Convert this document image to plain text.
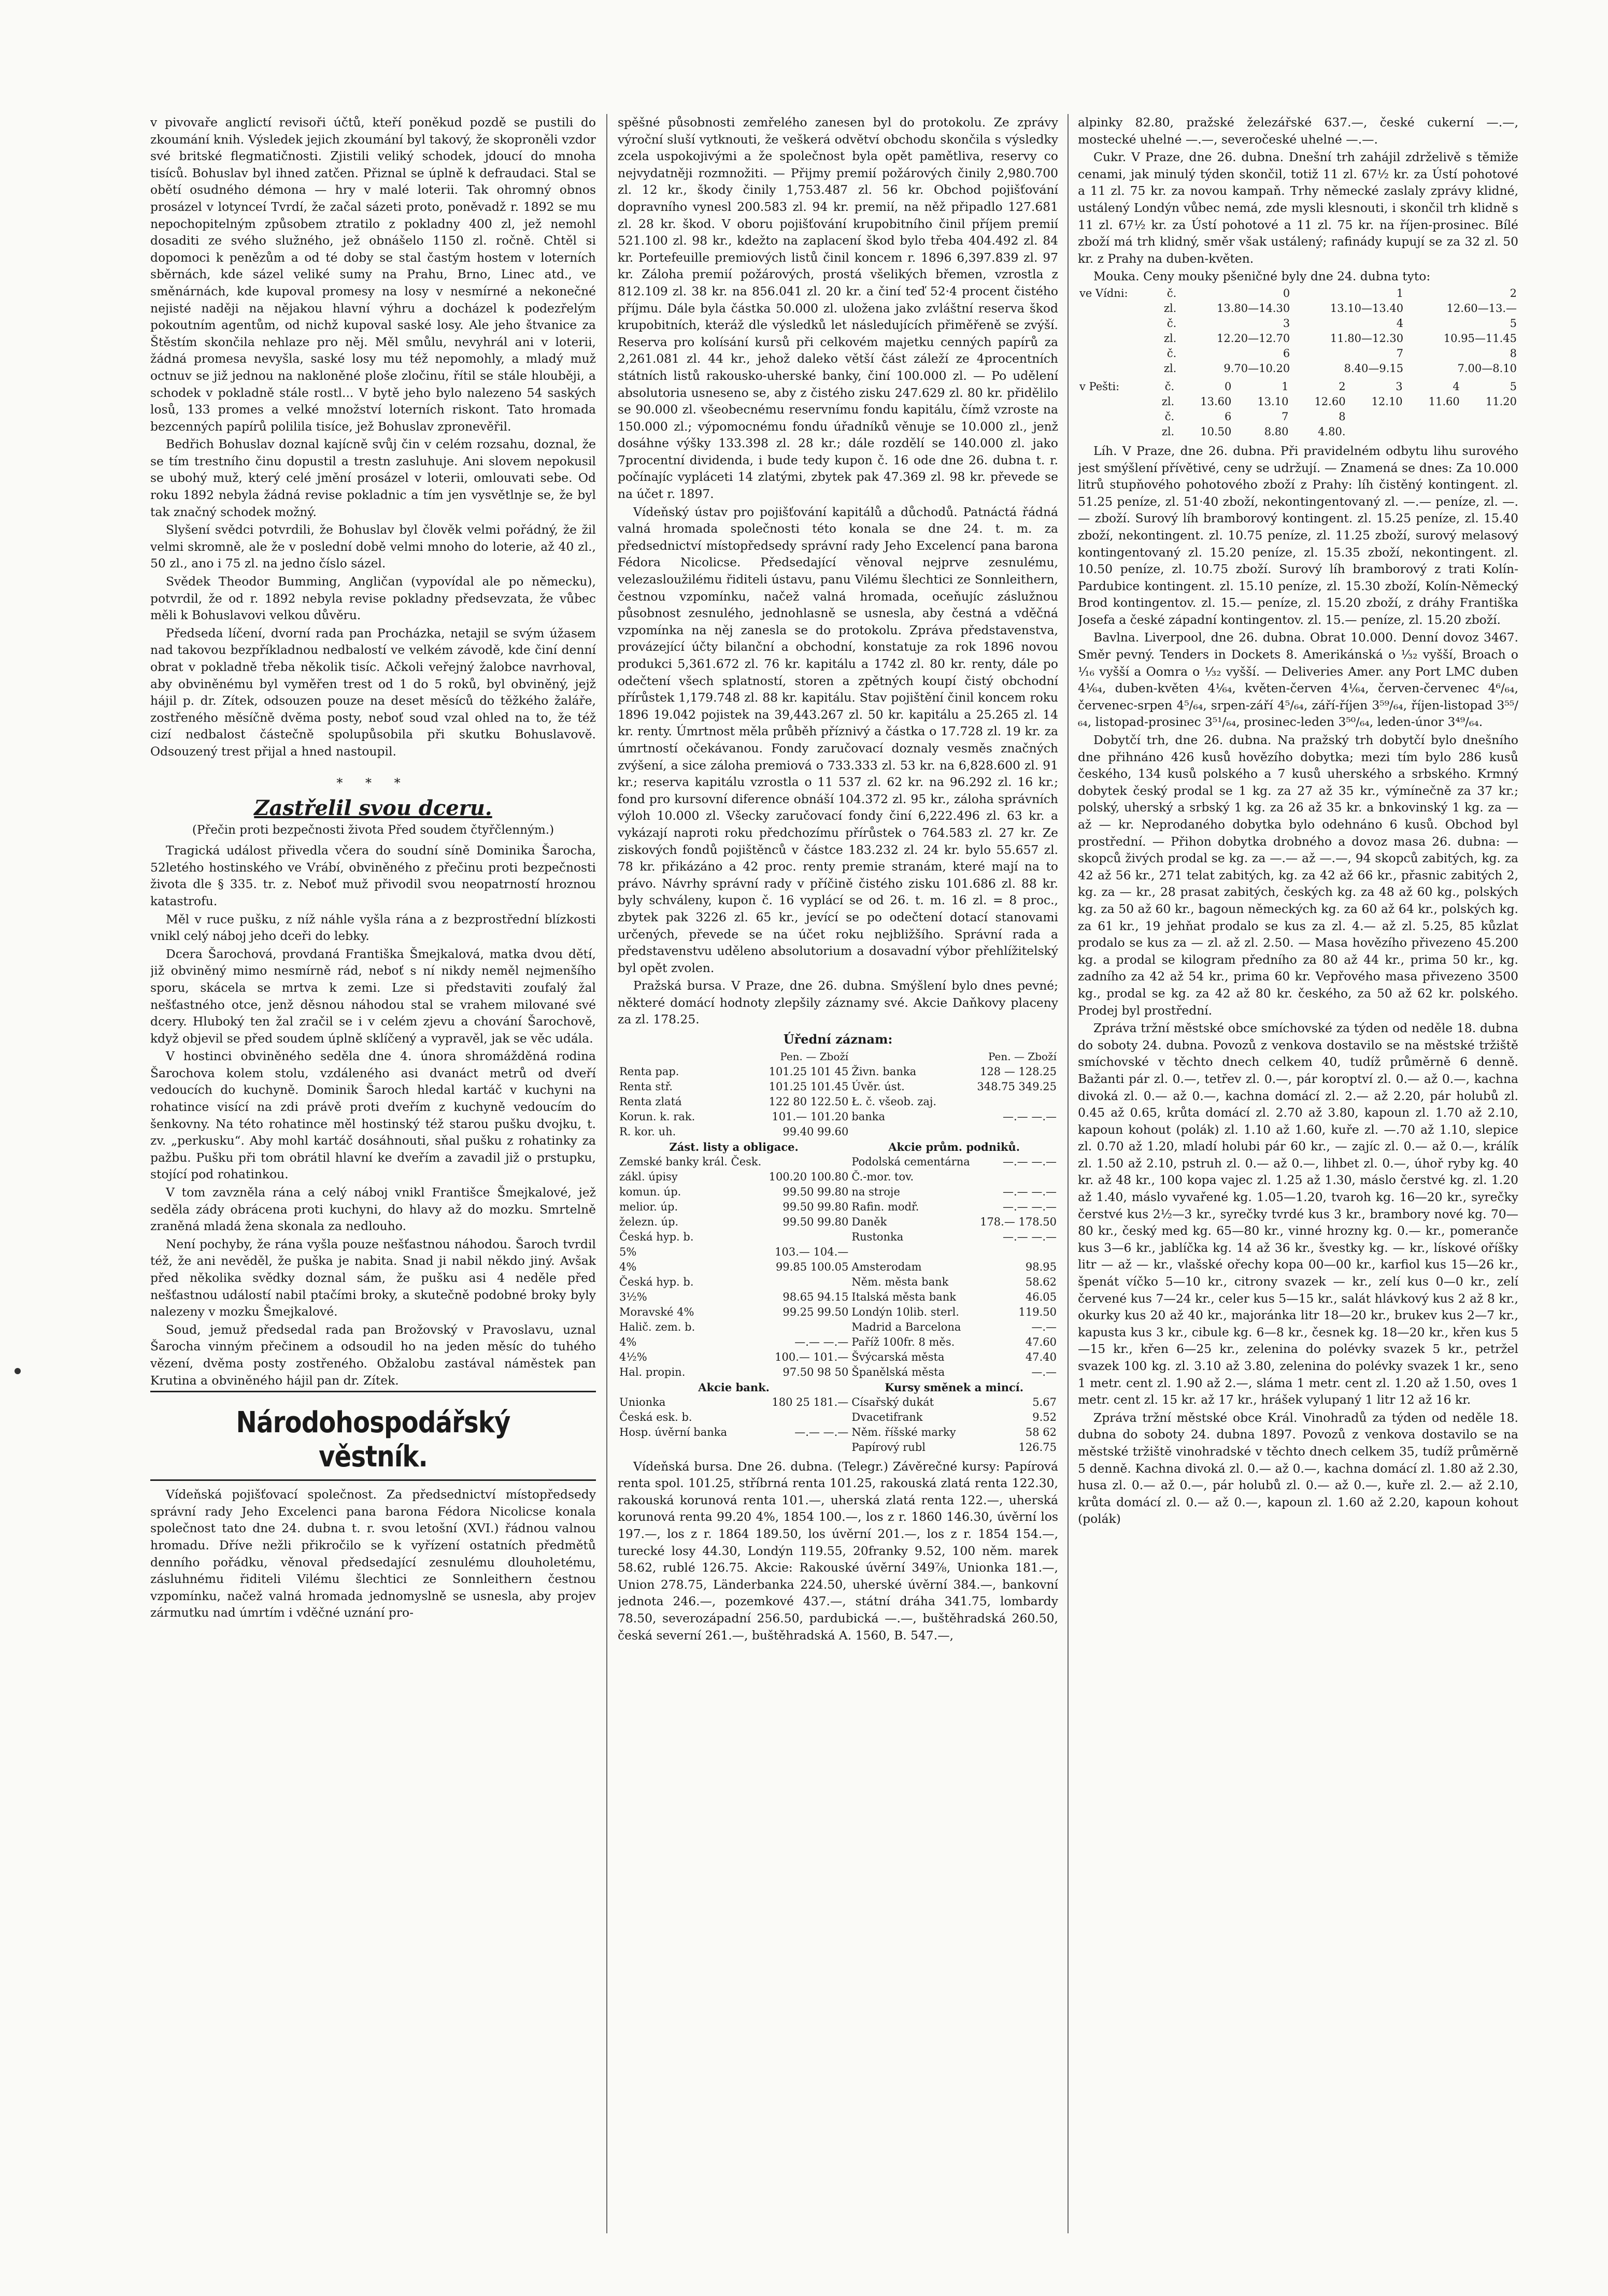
v pivovaře anglictí revisoři účtů, kteří poněkud pozdě se pustili do zkoumání knih. Výsledek jejich zkoumání byl takový, že skoproněli vzdor své britské flegmatičnosti. Zjistili veliký schodek, jdoucí do mnoha tisíců. Bohuslav byl ihned zatčen. Přiznal se úplně k defraudaci. Stal se obětí osudného démona — hry v malé loterii. Tak ohromný obnos prosázel v lotynceí Tvrdí, že začal sázeti proto, poněvadž r. 1892 se mu nepochopitelným způsobem ztratilo z pokladny 400 zl, jež nemohl dosaditi ze svého služného, jež obnášelo 1150 zl. ročně. Chtěl si dopomoci k penězům a od té doby se stal častým hostem v loterních sběrnách, kde sázel veliké sumy na Prahu, Brno, Linec atd., ve směnárnách, kde kupoval promesy na losy v nesmírné a nekonečné nejisté naději na nějakou hlavní výhru a docházel k podezřelým pokoutním agentům, od nichž kupoval saské losy. Ale jeho štvanice za Štěstím skončila nehlaze pro něj. Měl smůlu, nevyhrál ani v loterii, žádná promesa nevyšla, saské losy mu též nepomohly, a mladý muž octnuv se již jednou na nakloněné ploše zločinu, řítil se stále hlouběji, a schodek v pokladně stále rostl... V bytě jeho bylo nalezeno 54 saských losů, 133 promes a velké množství loterních riskont. Tato hromada bezcenných papírů polilila tisíce, jež Bohuslav zpronevěřil.

Bedřich Bohuslav doznal kajícně svůj čin v celém rozsahu, doznal, že se tím trestního činu dopustil a trestn zasluhuje. Ani slovem nepokusil se ubohý muž, který celé jmění prosázel v loterii, omlouvati sebe. Od roku 1892 nebyla žádná revise pokladnic a tím jen vysvětlnje se, že byl tak značný schodek možný.

Slyšení svědci potvrdili, že Bohuslav byl člověk velmi pořádný, že žil velmi skromně, ale že v poslední době velmi mnoho do loterie, až 40 zl., 50 zl., ano i 75 zl. na jedno číslo sázel.

Svědek Theodor Bumming, Angličan (vypovídal ale po německu), potvrdil, že od r. 1892 nebyla revise pokladny předsevzata, že vůbec měli k Bohuslavovi velkou důvěru.

Předseda líčení, dvorní rada pan Procházka, netajil se svým úžasem nad takovou bezpříkladnou nedbalostí ve velkém závodě, kde činí denní obrat v pokladně třeba několik tisíc. Ačkoli veřejný žalobce navrhoval, aby obviněnému byl vyměřen trest od 1 do 5 roků, byl obviněný, jejž hájil p. dr. Zítek, odsouzen pouze na deset měsíců do těžkého žaláře, zostřeného měsíčně dvěma posty, neboť soud vzal ohled na to, že též cizí nedbalost částečně spolupůsobila při skutku Bohuslavově. Odsouzený trest přijal a hned nastoupil.

* * *
Zastřelil svou dceru.
(Přečin proti bezpečnosti života Před soudem čtyřčlenným.)

Tragická událost přivedla včera do soudní síně Dominika Šarocha, 52letého hostinského ve Vrábí, obviněného z přečinu proti bezpečnosti života dle § 335. tr. z. Neboť muž přivodil svou neopatrností hroznou katastrofu.

Měl v ruce pušku, z níž náhle vyšla rána a z bezprostřední blízkosti vnikl celý náboj jeho dceři do lebky.

Dcera Šarochová, provdaná Františka Šmejkalová, matka dvou dětí, již obviněný mimo nesmírně rád, neboť s ní nikdy neměl nejmenšího sporu, skácela se mrtva k zemi. Lze si představiti zoufalý žal nešťastného otce, jenž děsnou náhodou stal se vrahem milované své dcery. Hluboký ten žal zračil se i v celém zjevu a chování Šarochově, když objevil se před soudem úplně sklíčený a vypravěl, jak se věc udála.

V hostinci obviněného seděla dne 4. února shromážděná rodina Šarochova kolem stolu, vzdáleného asi dvanáct metrů od dveří vedoucích do kuchyně. Dominik Šaroch hledal kartáč v kuchyni na rohatince visící na zdi právě proti dveřím z kuchyně vedoucím do šenkovny. Na této rohatince měl hostinský též starou pušku dvojku, t. zv. „perkusku“. Aby mohl kartáč dosáhnouti, sňal pušku z rohatinky za pažbu. Pušku při tom obrátil hlavní ke dveřím a zavadil již o prstupku, stojící pod rohatinkou.

V tom zavzněla rána a celý náboj vnikl Františce Šmejkalové, jež seděla zády obrácena proti kuchyni, do hlavy až do mozku. Smrtelně zraněná mladá žena skonala za nedlouho.

Není pochyby, že rána vyšla pouze nešťastnou náhodou. Šaroch tvrdil též, že ani nevěděl, že puška je nabita. Snad ji nabil někdo jiný. Avšak před několika svědky doznal sám, že pušku asi 4 neděle před nešťastnou událostí nabil ptačími broky, a skutečně podobné broky byly nalezeny v mozku Šmejkalové.

Soud, jemuž předsedal rada pan Brožovský v Pravoslavu, uznal Šarocha vinným přečinem a odsoudil ho na jeden měsíc do tuhého vězení, dvěma posty zostřeného. Obžalobu zastával náměstek pan Krutina a obviněného hájil pan dr. Zítek.

Národohospodářský věstník.

Vídeňská pojišťovací společnost. Za předsednictví místopředsedy správní rady Jeho Excelenci pana barona Fédora Nicolicse konala společnost tato dne 24. dubna t. r. svou letošní (XVI.) řádnou valnou hromadu. Dříve nežli přikročilo se k vyřízení ostatních předmětů denního pořádku, věnoval předsedající zesnulému dlouholetému, zásluhnému řiditeli Vilému šlechtici ze Sonnleithern čestnou vzpomínku, načež valná hromada jednomyslně se usnesla, aby projev zármutku nad úmrtím i vděčné uznání pro-

spěšné působnosti zemřelého zanesen byl do protokolu. Ze zprávy výroční sluší vytknouti, že veškerá odvětví obchodu skončila s výsledky zcela uspokojivými a že společnost byla opět pamětliva, reservy co nejvydatněji rozmnožiti. — Přijmy premií požárových činily 2,980.700 zl. 12 kr., škody činily 1,753.487 zl. 56 kr. Obchod pojišťování dopravního vynesl 200.583 zl. 94 kr. premií, na něž připadlo 127.681 zl. 28 kr. škod. V oboru pojišťování krupobitního činil příjem premií 521.100 zl. 98 kr., kdežto na zaplacení škod bylo třeba 404.492 zl. 84 kr. Portefeuille premiových listů činil koncem r. 1896 6,397.839 zl. 97 kr. Záloha premií požárových, prostá všelikých břemen, vzrostla z 812.109 zl. 38 kr. na 856.041 zl. 20 kr. a činí teď 52·4 procent čistého příjmu. Dále byla částka 50.000 zl. uložena jako zvláštní reserva škod krupobitních, kteráž dle výsledků let následujících přiměřeně se zvýší. Reserva pro kolísání kursů při celkovém majetku cenných papírů za 2,261.081 zl. 44 kr., jehož daleko větší část záleží ze 4procentních státních listů rakousko-uherské banky, činí 100.000 zl. — Po udělení absolutoria usneseno se, aby z čistého zisku 247.629 zl. 80 kr. přidělilo se 90.000 zl. všeobecnému reservnímu fondu kapitálu, čímž vzroste na 150.000 zl.; výpomocnému fondu úřadníků věnuje se 10.000 zl., jenž dosáhne výšky 133.398 zl. 28 kr.; dále rozdělí se 140.000 zl. jako 7procentní dividenda, i bude tedy kupon č. 16 ode dne 26. dubna t. r. počínajíc vypláceti 14 zlatými, zbytek pak 47.369 zl. 98 kr. převede se na účet r. 1897.

Vídeňský ústav pro pojišťování kapitálů a důchodů. Patnáctá řádná valná hromada společnosti této konala se dne 24. t. m. za předsednictví místopředsedy správní rady Jeho Excelencí pana barona Fédora Nicolicse. Předsedající věnoval nejprve zesnulému, velezasloužilému řiditeli ústavu, panu Vilému šlechtici ze Sonnleithern, čestnou vzpomínku, načež valná hromada, oceňujíc záslužnou působnost zesnulého, jednohlasně se usnesla, aby čestná a vděčná vzpomínka na něj zanesla se do protokolu. Zpráva představenstva, provázející účty bilanční a obchodní, konstatuje za rok 1896 novou produkci 5,361.672 zl. 76 kr. kapitálu a 1742 zl. 80 kr. renty, dále po odečtení všech splatností, storen a zpětných koupí čistý obchodní přírůstek 1,179.748 zl. 88 kr. kapitálu. Stav pojištění činil koncem roku 1896 19.042 pojistek na 39,443.267 zl. 50 kr. kapitálu a 25.265 zl. 14 kr. renty. Úmrtnost měla průběh příznivý a částka o 17.728 zl. 19 kr. za úmrtností očekávanou. Fondy zaručovací doznaly vesměs značných zvýšení, a sice záloha premiová o 733.333 zl. 53 kr. na 6,828.600 zl. 91 kr.; reserva kapitálu vzrostla o 11 537 zl. 62 kr. na 96.292 zl. 16 kr.; fond pro kursovní diference obnáší 104.372 zl. 95 kr., záloha správních výloh 10.000 zl. Všecky zaručovací fondy činí 6,222.496 zl. 63 kr. a vykázají naproti roku předchozímu přírůstek o 764.583 zl. 27 kr. Ze ziskových fondů pojištěnců v částce 183.232 zl. 24 kr. bylo 55.657 zl. 78 kr. přikázáno a 42 proc. renty premie stranám, které mají na to právo. Návrhy správní rady v příčině čistého zisku 101.686 zl. 88 kr. byly schváleny, kupon č. 16 vyplácí se od 26. t. m. 16 zl. = 8 proc., zbytek pak 3226 zl. 65 kr., jevící se po odečtení dotací stanovami určených, převede se na účet roku nejbližšího. Správní rada a představenstvu uděleno absolutorium a dosavadní výbor přehlížitelský byl opět zvolen.

Pražská bursa. V Praze, dne 26. dubna. Smýšlení bylo dnes pevné; některé domácí hodnoty zlepšily záznamy své. Akcie Daňkovy placeny za zl. 178.25.

Úřední záznam:
	Pen. — Zboží		Pen. — Zboží
Renta pap.	101.25 101 45	Živn. banka	128 — 128.25
Renta stř.	101.25 101.45	Úvěr. úst.	348.75 349.25
Renta zlatá	122 80 122.50	Ł. č. všeob. zaj.	
Korun. k. rak.	101.— 101.20	banka	—.— —.—
R. kor. uh.	99.40 99.60		
Zást. listy a obligace.		Akcie prům. podniků.	
Zemské banky král. Česk.		Podolská cementárna	—.— —.—
zákl. úpisy	100.20 100.80	Č.-mor. tov.	
komun. úp.	99.50 99.80	na stroje	—.— —.—
melior. úp.	99.50 99.80	Rafin. modř.	—.— —.—
železn. úp.	99.50 99.80	Daněk	178.— 178.50
Česká hyp. b.		Rustonka	—.— —.—
5%	103.— 104.—		
4%	99.85 100.05	Amsterodam	98.95
Česká hyp. b.		Něm. města bank	58.62
3½%	98.65 94.15	Italská města bank	46.05
Moravské 4%	99.25 99.50	Londýn 10lib. sterl.	119.50
Halič. zem. b.		Madrid a Barcelona	—.—
4%	—.— —.—	Paříž 100fr. 8 měs.	47.60
4½%	100.— 101.—	Švýcarská města	47.40
Hal. propin.	97.50 98 50	Španělská města	—.—
Akcie bank.		Kursy směnek a mincí.	
Unionka	180 25 181.—	Císařský dukát	5.67
Česká esk. b.		Dvacetifrank	9.52
Hosp. úvěrní banka	—.— —.—	Něm. říšské marky	58 62
		Papírový rubl	126.75

Vídeňská bursa. Dne 26. dubna. (Telegr.) Závěrečné kursy: Papírová renta spol. 101.25, stříbrná renta 101.25, rakouská zlatá renta 122.30, rakouská korunová renta 101.—, uherská zlatá renta 122.—, uherská korunová renta 99.20 4%, 1854 100.—, los z r. 1860 146.30, úvěrní los 197.—, los z r. 1864 189.50, los úvěrní 201.—, los z r. 1854 154.—, turecké losy 44.30, Londýn 119.55, 20franky 9.52, 100 něm. marek 58.62, rublé 126.75. Akcie: Rakouské úvěrní 349⅞, Unionka 181.—, Union 278.75, Länderbanka 224.50, uherské úvěrní 384.—, bankovní jednota 246.—, pozemkové 437.—, státní dráha 341.75, lombardy 78.50, severozápadní 256.50, pardubická —.—, buštěhradská 260.50, česká severní 261.—, buštěhradská A. 1560, B. 547.—,

alpinky 82.80, pražské železářské 637.—, české cukerní —.—, mostecké uhelné —.—, severočeské uhelné —.—.

Cukr. V Praze, dne 26. dubna. Dnešní trh zahájil zdrželivě s těmiže cenami, jak minulý týden skončil, totiž 11 zl. 67½ kr. za Ústí pohotové a 11 zl. 75 kr. za novou kampaň. Trhy německé zaslaly zprávy klidné, ustálený Londýn vůbec nemá, zde mysli klesnouti, i skončil trh klidně s 11 zl. 67½ kr. za Ústí pohotové a 11 zl. 75 kr. na říjen-prosinec. Bílé zboží má trh klidný, směr však ustálený; rafinády kupují se za 32 zl. 50 kr. z Prahy na duben-květen.

Mouka. Ceny mouky pšeničné byly dne 24. dubna tyto:

ve Vídni:	č.	0	1	2
	zl.	13.80—14.30	13.10—13.40	12.60—13.—
	č.	3	4	5
	zl.	12.20—12.70	11.80—12.30	10.95—11.45
	č.	6	7	8
	zl.	9.70—10.20	8.40—9.15	7.00—8.10
v Pešti:	č.	0	1	2	3	4	5
	zl.	13.60	13.10	12.60	12.10	11.60	11.20
	č.	6	7	8			
	zl.	10.50	8.80	4.80.			

Líh. V Praze, dne 26. dubna. Při pravidelném odbytu lihu surového jest smýšlení přívětivé, ceny se udržují. — Znamená se dnes: Za 10.000 litrů stupňového pohotového zboží z Prahy: líh čistěný kontingent. zl. 51.25 peníze, zl. 51·40 zboží, nekontingentovaný zl. —.— peníze, zl. —.— zboží. Surový líh bramborový kontingent. zl. 15.25 peníze, zl. 15.40 zboží, nekontingent. zl. 10.75 peníze, zl. 11.25 zboží, surový melasový kontingentovaný zl. 15.20 peníze, zl. 15.35 zboží, nekontingent. zl. 10.50 peníze, zl. 10.75 zboží. Surový líh bramborový z trati Kolín-Pardubice kontingent. zl. 15.10 peníze, zl. 15.30 zboží, Kolín-Německý Brod kontingentov. zl. 15.— peníze, zl. 15.20 zboží, z dráhy Františka Josefa a české západní kontingentov. zl. 15.— peníze, zl. 15.20 zboží.

Bavlna. Liverpool, dne 26. dubna. Obrat 10.000. Denní dovoz 3467. Směr pevný. Tenders in Dockets 8. Amerikánská o ⅟₃₂ vyšší, Broach o ⅟₁₆ vyšší a Oomra o ⅟₃₂ vyšší. — Deliveries Amer. any Port LMC duben 4⅟₆₄, duben-květen 4⅟₆₄, květen-červen 4⅟₆₄, červen-červenec 4⁶/₆₄, červenec-srpen 4⁵/₆₄, srpen-září 4⁵/₆₄, září-říjen 3⁵⁹/₆₄, říjen-listopad 3⁵⁵/₆₄, listopad-prosinec 3⁵¹/₆₄, prosinec-leden 3⁵⁰/₆₄, leden-únor 3⁴⁹/₆₄.

Dobytčí trh, dne 26. dubna. Na pražský trh dobytčí bylo dnešního dne přihnáno 426 kusů hovězího dobytka; mezi tím bylo 286 kusů českého, 134 kusů polského a 7 kusů uherského a srbského. Krmný dobytek český prodal se 1 kg. za 27 až 35 kr., výmínečně za 37 kr.; polský, uherský a srbský 1 kg. za 26 až 35 kr. a bnkovinský 1 kg. za — až — kr. Neprodaného dobytka bylo odehnáno 6 kusů. Obchod byl prostřední. — Přihon dobytka drobného a dovoz masa 26. dubna: — skopců živých prodal se kg. za —.— až —.—, 94 skopců zabitých, kg. za 42 až 56 kr., 271 telat zabitých, kg. za 42 až 66 kr., přasnic zabitých 2, kg. za — kr., 28 prasat zabitých, českých kg. za 48 až 60 kg., polských kg. za 50 až 60 kr., bagoun německých kg. za 60 až 64 kr., polských kg. za 61 kr., 19 jehňat prodalo se kus za zl. 4.— až zl. 5.25, 85 kůzlat prodalo se kus za — zl. až zl. 2.50. — Masa hovězího přivezeno 45.200 kg. a prodal se kilogram předního za 80 až 44 kr., prima 50 kr., kg. zadního za 42 až 54 kr., prima 60 kr. Vepřového masa přivezeno 3500 kg., prodal se kg. za 42 až 80 kr. českého, za 50 až 62 kr. polského. Prodej byl prostřední.

Zpráva tržní městské obce smíchovské za týden od neděle 18. dubna do soboty 24. dubna. Povozů z venkova dostavilo se na městské tržiště smíchovské v těchto dnech celkem 40, tudíž průměrně 6 denně. Bažanti pár zl. 0.—, tetřev zl. 0.—, pár koroptví zl. 0.— až 0.—, kachna divoká zl. 0.— až 0.—, kachna domácí zl. 2.— až 2.20, pár holubů zl. 0.45 až 0.65, krůta domácí zl. 2.70 až 3.80, kapoun zl. 1.70 až 2.10, kapoun kohout (polák) zl. 1.10 až 1.60, kuře zl. —.70 až 1.10, slepice zl. 0.70 až 1.20, mladí holubi pár 60 kr., — zajíc zl. 0.— až 0.—, králík zl. 1.50 až 2.10, pstruh zl. 0.— až 0.—, lihbet zl. 0.—, úhoř ryby kg. 40 kr. až 48 kr., 100 kopa vajec zl. 1.25 až 1.30, máslo čerstvé kg. zl. 1.20 až 1.40, máslo vyvařené kg. 1.05—1.20, tvaroh kg. 16—20 kr., syrečky čerstvé kus 2½—3 kr., syrečky tvrdé kus 3 kr., brambory nové kg. 70—80 kr., český med kg. 65—80 kr., vinné hrozny kg. 0.— kr., pomeranče kus 3—6 kr., jablíčka kg. 14 až 36 kr., švestky kg. — kr., lískové oříšky litr — až — kr., vlašské ořechy kopa 00—00 kr., karfiol kus 15—26 kr., špenát víčko 5—10 kr., citrony svazek — kr., zelí kus 0—0 kr., zelí červené kus 7—24 kr., celer kus 5—15 kr., salát hlávkový kus 2 až 8 kr., okurky kus 20 až 40 kr., majoránka litr 18—20 kr., brukev kus 2—7 kr., kapusta kus 3 kr., cibule kg. 6—8 kr., česnek kg. 18—20 kr., křen kus 5—15 kr., křen 6—25 kr., zelenina do polévky svazek 5 kr., petržel svazek 100 kg. zl. 3.10 až 3.80, zelenina do polévky svazek 1 kr., seno 1 metr. cent zl. 1.90 až 2.—, sláma 1 metr. cent zl. 1.20 až 1.50, oves 1 metr. cent zl. 15 kr. až 17 kr., hrášek vylupaný 1 litr 12 až 16 kr.

Zpráva tržní městské obce Král. Vinohradů za týden od neděle 18. dubna do soboty 24. dubna 1897. Povozů z venkova dostavilo se na městské tržiště vinohradské v těchto dnech celkem 35, tudíž průměrně 5 denně. Kachna divoká zl. 0.— až 0.—, kachna domácí zl. 1.80 až 2.30, husa zl. 0.— až 0.—, pár holubů zl. 0.— až 0.—, kuře zl. 2.— až 2.10, krůta domácí zl. 0.— až 0.—, kapoun zl. 1.60 až 2.20, kapoun kohout (polák)
